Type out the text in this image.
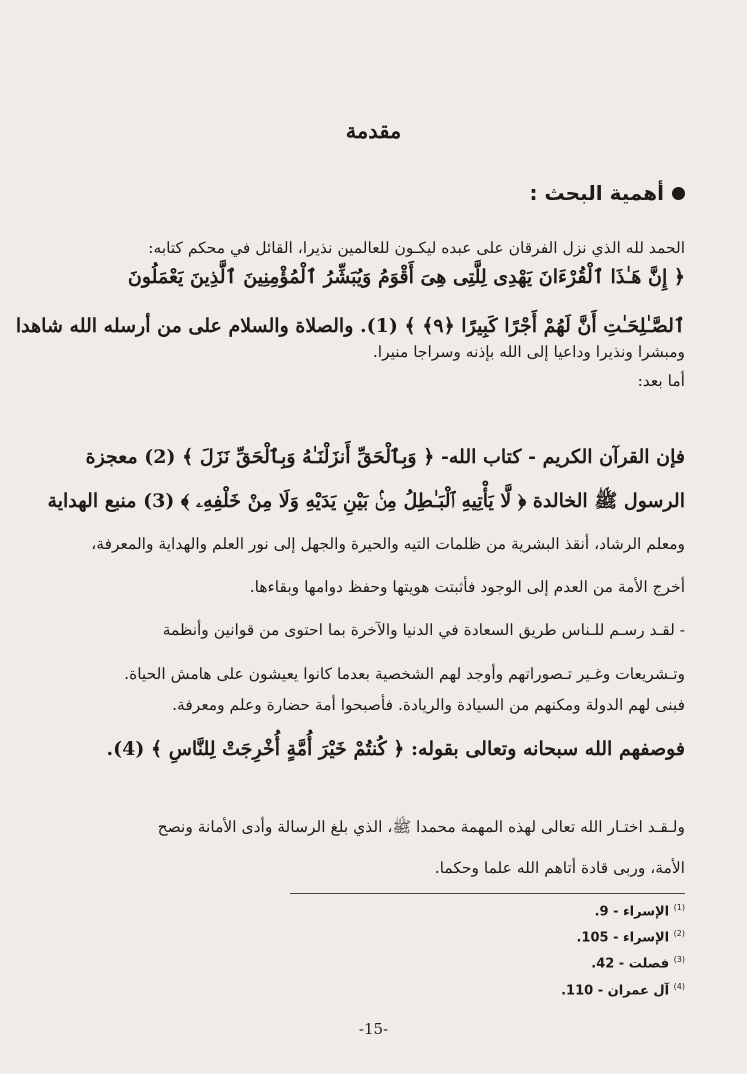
مقدمة
أهمية البحث :
الحمد لله الذي نزل الفرقان على عبده ليكـون للعالمين نذيرا، القائل في محكم كتابه:
﴿ إِنَّ هَـٰذَا ٱلْقُرْءَانَ يَهْدِى لِلَّتِى هِىَ أَقْوَمُ وَيُبَشِّرُ ٱلْمُؤْمِنِينَ ٱلَّذِينَ يَعْمَلُونَ
ٱلصَّـٰلِحَـٰتِ أَنَّ لَهُمْ أَجْرًا كَبِيرًا ﴿٩﴾ ﴾ (1). والصلاة والسلام على من أرسله الله شاهدا
ومبشرا ونذيرا وداعيا إلى الله بإذنه وسراجا منيرا.
أما بعد:
فإن القرآن الكريم - كتاب الله- ﴿ وَبِٱلْحَقِّ أَنزَلْنَـٰهُ وَبِٱلْحَقِّ نَزَلَ ﴾ (2) معجزة
الرسول ﷺ الخالدة ﴿ لَّا يَأْتِيهِ ٱلْبَـٰطِلُ مِنۢ بَيْنِ يَدَيْهِ وَلَا مِنْ خَلْفِهِۦ ﴾ (3) منبع الهداية
ومعلم الرشاد، أنقذ البشرية من ظلمات التيه والحيرة والجهل إلى نور العلم والهداية والمعرفة،
أخرج الأمة من العدم إلى الوجود فأثبتت هويتها وحفظ دوامها وبقاءها.
- لقـد رسـم للـناس طريق السعادة في الدنيا والآخرة بما احتوى من قوانين وأنظمة
وتـشريعات وغـير تـصوراتهم وأوجد لهم الشخصية بعدما كانوا يعيشون على هامش الحياة.
فبنى لهم الدولة ومكنهم من السيادة والريادة. فأصبحوا أمة حضارة وعلم ومعرفة.
فوصفهم الله سبحانه وتعالى بقوله: ﴿ كُنتُمْ خَيْرَ أُمَّةٍ أُخْرِجَتْ لِلنَّاسِ ﴾ (4).
ولـقـد اختـار الله تعالى لهذه المهمة محمدا ﷺ، الذي بلغ الرسالة وأدى الأمانة ونصح
الأمة، وربى قادة أتاهم الله علما وحكما.
$^{(1)}$ الإسراء - 9.
$^{(2)}$ الإسراء - 105.
$^{(3)}$ فصلت - 42.
$^{(4)}$ آل عمران - 110.
-15-
